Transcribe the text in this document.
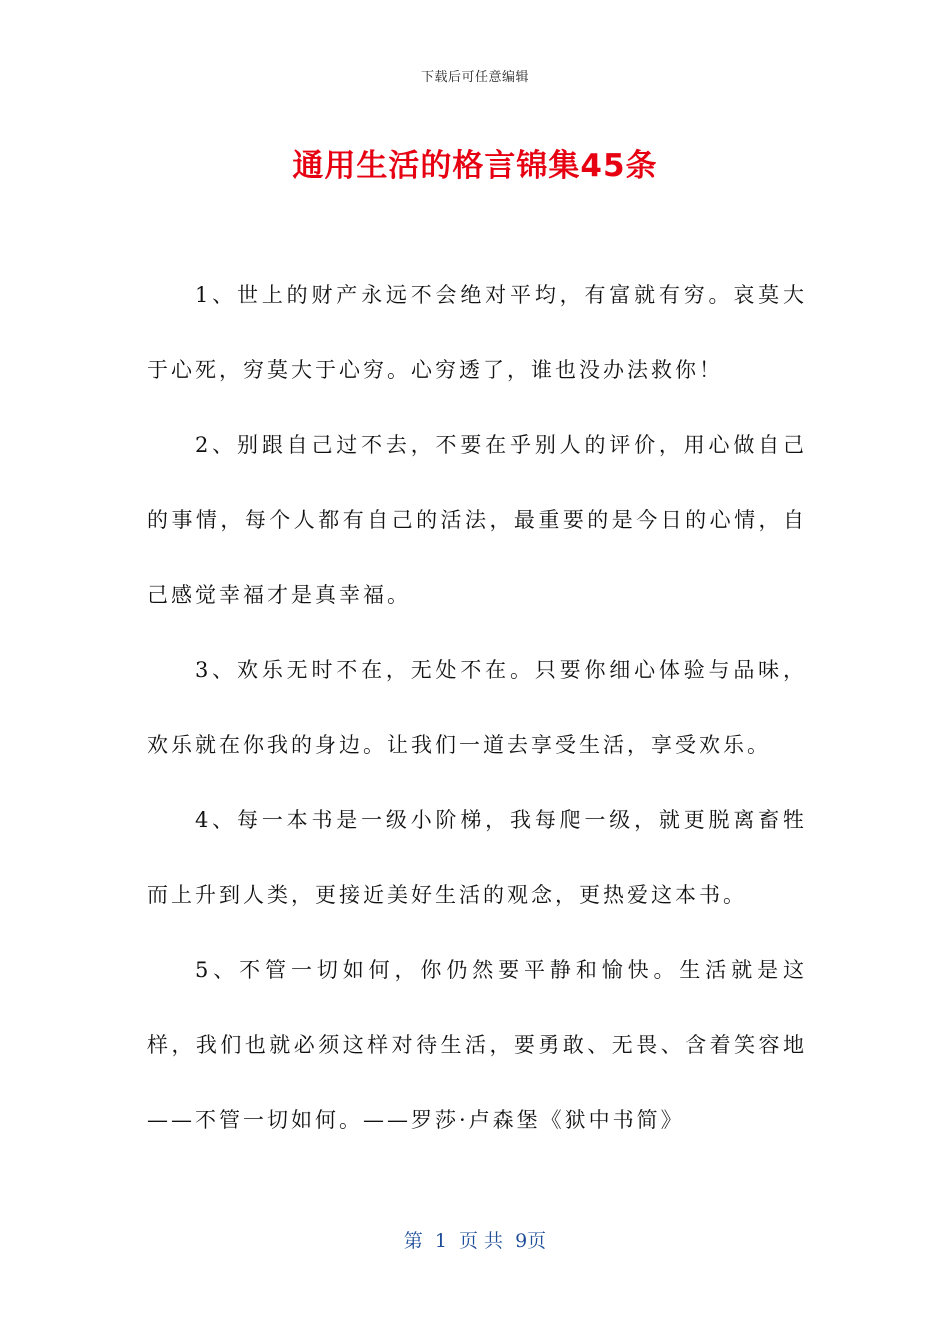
下载后可任意编辑
通用生活的格言锦集45条

1、世上的财产永远不会绝对平均，有富就有穷。哀莫大于心死，穷莫大于心穷。心穷透了，谁也没办法救你！

2、别跟自己过不去，不要在乎别人的评价，用心做自己的事情，每个人都有自己的活法，最重要的是今日的心情，自己感觉幸福才是真幸福。

3、欢乐无时不在，无处不在。只要你细心体验与品味，欢乐就在你我的身边。让我们一道去享受生活，享受欢乐。

4、每一本书是一级小阶梯，我每爬一级，就更脱离畜牲而上升到人类，更接近美好生活的观念，更热爱这本书。

5、不管一切如何，你仍然要平静和愉快。生活就是这样，我们也就必须这样对待生活，要勇敢、无畏、含着笑容地——不管一切如何。——罗莎·卢森堡《狱中书简》

第 1 页 共 9页
